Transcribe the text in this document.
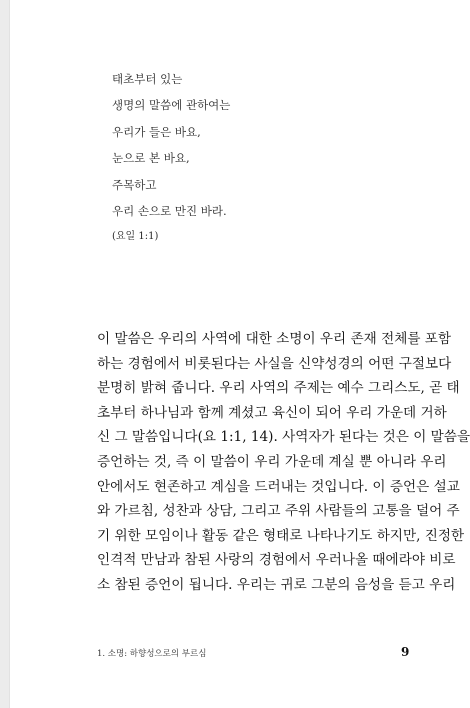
태초부터 있는
생명의 말씀에 관하여는
우리가 들은 바요,
눈으로 본 바요,
주목하고
우리 손으로 만진 바라.
(요일 1:1)
이 말씀은 우리의 사역에 대한 소명이 우리 존재 전체를 포함
하는 경험에서 비롯된다는 사실을 신약성경의 어떤 구절보다
분명히 밝혀 줍니다. 우리 사역의 주제는 예수 그리스도, 곧 태
초부터 하나님과 함께 계셨고 육신이 되어 우리 가운데 거하
신 그 말씀입니다(요 1:1, 14). 사역자가 된다는 것은 이 말씀을
증언하는 것, 즉 이 말씀이 우리 가운데 계실 뿐 아니라 우리
안에서도 현존하고 계심을 드러내는 것입니다. 이 증언은 설교
와 가르침, 성찬과 상담, 그리고 주위 사람들의 고통을 덜어 주
기 위한 모임이나 활동 같은 형태로 나타나기도 하지만, 진정한
인격적 만남과 참된 사랑의 경험에서 우러나올 때에라야 비로
소 참된 증언이 됩니다. 우리는 귀로 그분의 음성을 듣고 우리
1. 소명: 하향성으로의 부르심	9
